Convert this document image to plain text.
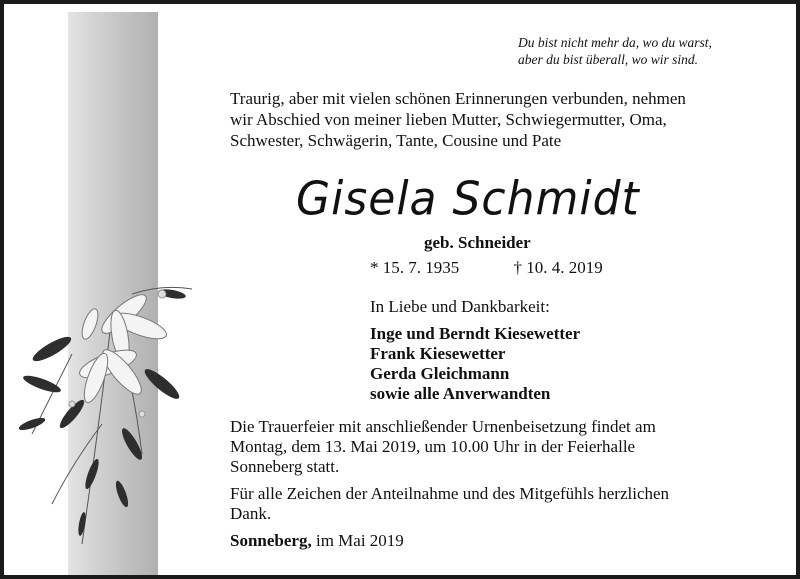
Du bist nicht mehr da, wo du warst,
aber du bist überall, wo wir sind.
Traurig, aber mit vielen schönen Erinnerungen verbunden, nehmen
wir Abschied von meiner lieben Mutter, Schwiegermutter, Oma,
Schwester, Schwägerin, Tante, Cousine und Pate
Gisela Schmidt
geb. Schneider
* 15. 7. 1935	† 10. 4. 2019
In Liebe und Dankbarkeit:
Inge und Berndt Kiesewetter
Frank Kiesewetter
Gerda Gleichmann
sowie alle Anverwandten
Die Trauerfeier mit anschließender Urnenbeisetzung findet am
Montag, dem 13. Mai 2019, um 10.00 Uhr in der Feierhalle
Sonneberg statt.
Für alle Zeichen der Anteilnahme und des Mitgefühls herzlichen
Dank.
Sonneberg, im Mai 2019
